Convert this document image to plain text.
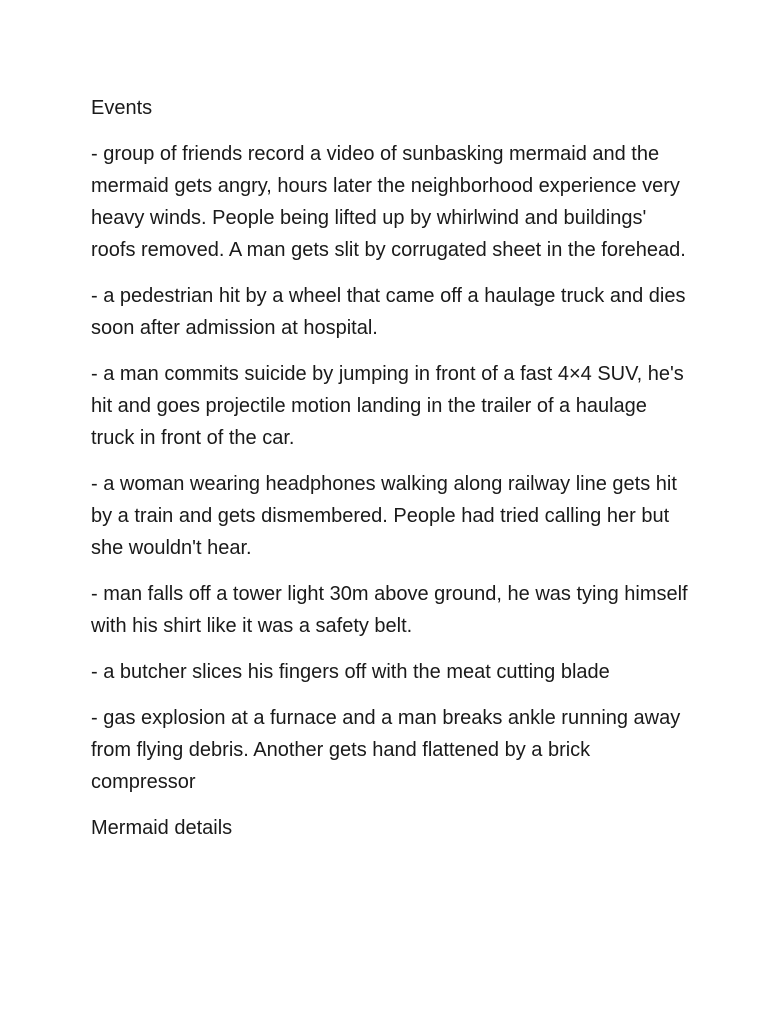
Events

- group of friends record a video of sunbasking mermaid and the mermaid gets angry, hours later the neighborhood experience very heavy winds. People being lifted up by whirlwind and buildings' roofs removed. A man gets slit by corrugated sheet in the forehead.

- a pedestrian hit by a wheel that came off a haulage truck and dies soon after admission at hospital.

- a man commits suicide by jumping in front of a fast 4×4 SUV, he's hit and goes projectile motion landing in the trailer of a haulage truck in front of the car.

- a woman wearing headphones walking along railway line gets hit by a train and gets dismembered. People had tried calling her but she wouldn't hear.

- man falls off a tower light 30m above ground, he was tying himself with his shirt like it was a safety belt.

- a butcher slices his fingers off with the meat cutting blade

- gas explosion at a furnace and a man breaks ankle running away from flying debris. Another gets hand flattened by a brick compressor

Mermaid details
